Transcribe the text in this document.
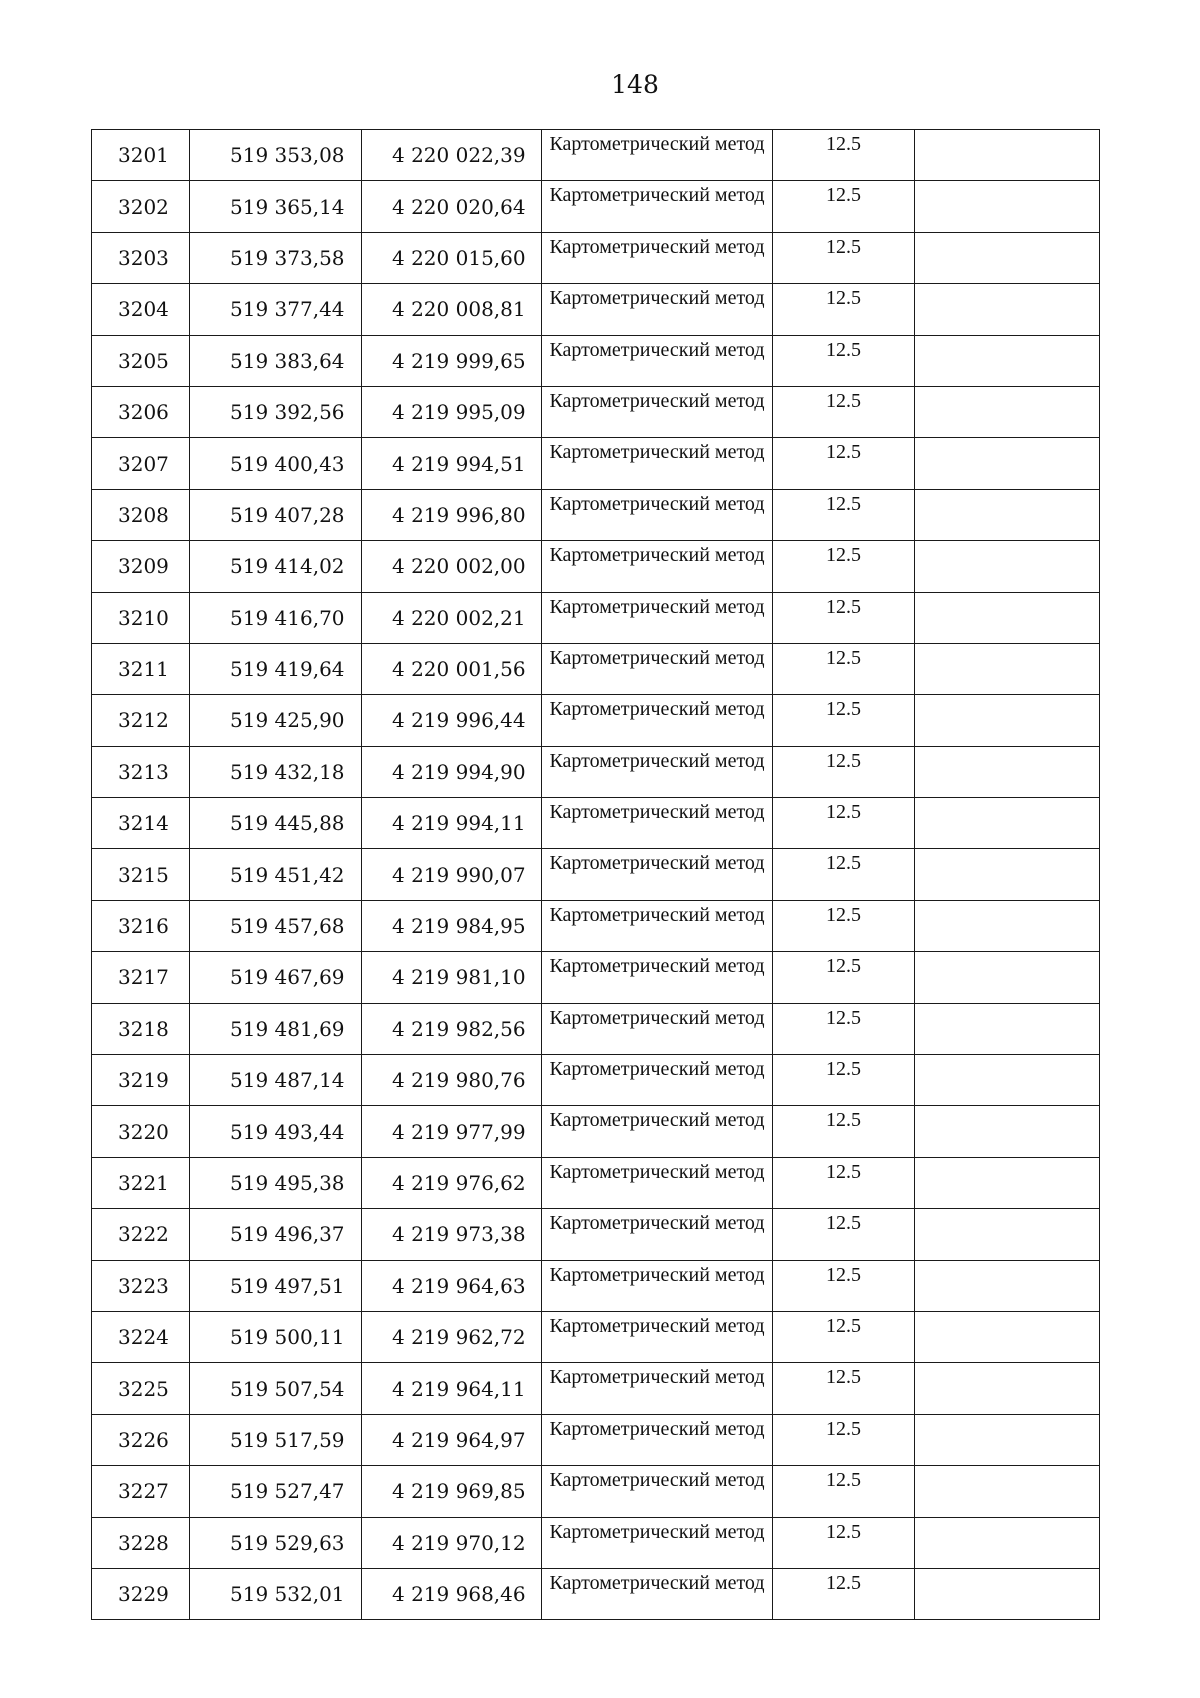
148
3201	519 353,08	4 220 022,39	Картометрический метод	12.5	
3202	519 365,14	4 220 020,64	Картометрический метод	12.5	
3203	519 373,58	4 220 015,60	Картометрический метод	12.5	
3204	519 377,44	4 220 008,81	Картометрический метод	12.5	
3205	519 383,64	4 219 999,65	Картометрический метод	12.5	
3206	519 392,56	4 219 995,09	Картометрический метод	12.5	
3207	519 400,43	4 219 994,51	Картометрический метод	12.5	
3208	519 407,28	4 219 996,80	Картометрический метод	12.5	
3209	519 414,02	4 220 002,00	Картометрический метод	12.5	
3210	519 416,70	4 220 002,21	Картометрический метод	12.5	
3211	519 419,64	4 220 001,56	Картометрический метод	12.5	
3212	519 425,90	4 219 996,44	Картометрический метод	12.5	
3213	519 432,18	4 219 994,90	Картометрический метод	12.5	
3214	519 445,88	4 219 994,11	Картометрический метод	12.5	
3215	519 451,42	4 219 990,07	Картометрический метод	12.5	
3216	519 457,68	4 219 984,95	Картометрический метод	12.5	
3217	519 467,69	4 219 981,10	Картометрический метод	12.5	
3218	519 481,69	4 219 982,56	Картометрический метод	12.5	
3219	519 487,14	4 219 980,76	Картометрический метод	12.5	
3220	519 493,44	4 219 977,99	Картометрический метод	12.5	
3221	519 495,38	4 219 976,62	Картометрический метод	12.5	
3222	519 496,37	4 219 973,38	Картометрический метод	12.5	
3223	519 497,51	4 219 964,63	Картометрический метод	12.5	
3224	519 500,11	4 219 962,72	Картометрический метод	12.5	
3225	519 507,54	4 219 964,11	Картометрический метод	12.5	
3226	519 517,59	4 219 964,97	Картометрический метод	12.5	
3227	519 527,47	4 219 969,85	Картометрический метод	12.5	
3228	519 529,63	4 219 970,12	Картометрический метод	12.5	
3229	519 532,01	4 219 968,46	Картометрический метод	12.5	
